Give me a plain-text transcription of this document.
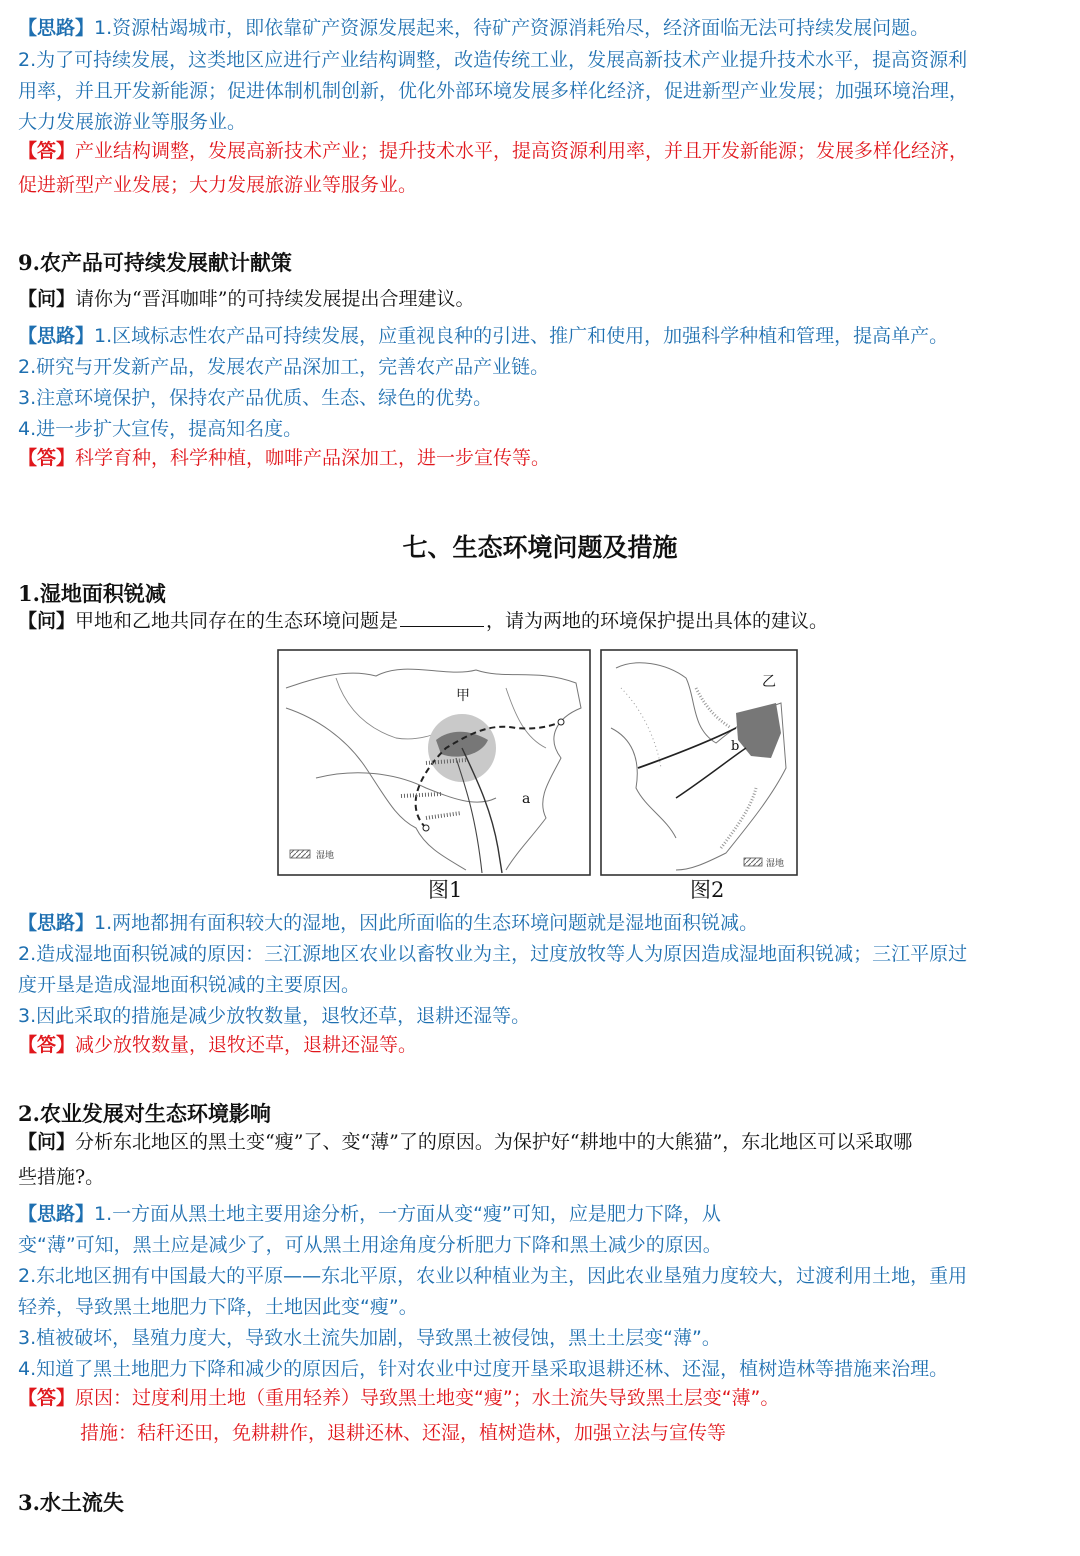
【思路】1.资源枯竭城市，即依靠矿产资源发展起来，待矿产资源消耗殆尽，经济面临无法可持续发展问题。
2.为了可持续发展，这类地区应进行产业结构调整，改造传统工业，发展高新技术产业提升技术水平，提高资源利
用率，并且开发新能源；促进体制机制创新，优化外部环境发展多样化经济，促进新型产业发展；加强环境治理，
大力发展旅游业等服务业。
【答】产业结构调整，发展高新技术产业；提升技术水平，提高资源利用率，并且开发新能源；发展多样化经济，
促进新型产业发展；大力发展旅游业等服务业。
9.农产品可持续发展献计献策
【问】请你为“晋洱咖啡”的可持续发展提出合理建议。
【思路】1.区域标志性农产品可持续发展，应重视良种的引进、推广和使用，加强科学种植和管理，提高单产。
2.研究与开发新产品，发展农产品深加工，完善农产品产业链。
3.注意环境保护，保持农产品优质、生态、绿色的优势。
4.进一步扩大宣传，提高知名度。
【答】科学育种，科学种植，咖啡产品深加工，进一步宣传等。
七、生态环境问题及措施
1.湿地面积锐减
【问】甲地和乙地共同存在的生态环境问题是	，请为两地的环境保护提出具体的建议。
甲
a
湿地
乙
b
湿地
图1	图2
【思路】1.两地都拥有面积较大的湿地，因此所面临的生态环境问题就是湿地面积锐减。
2.造成湿地面积锐减的原因：三江源地区农业以畜牧业为主，过度放牧等人为原因造成湿地面积锐减；三江平原过
度开垦是造成湿地面积锐减的主要原因。
3.因此采取的措施是减少放牧数量，退牧还草，退耕还湿等。
【答】减少放牧数量，退牧还草，退耕还湿等。
2.农业发展对生态环境影响
【问】分析东北地区的黑土变“瘦”了、变“薄”了的原因。为保护好“耕地中的大熊猫”，东北地区可以采取哪
些措施?。
【思路】1.一方面从黑土地主要用途分析，一方面从变“瘦”可知，应是肥力下降，从
变“薄”可知，黑土应是减少了，可从黑土用途角度分析肥力下降和黑土减少的原因。
2.东北地区拥有中国最大的平原——东北平原，农业以种植业为主，因此农业垦殖力度较大，过渡利用土地，重用
轻养，导致黑土地肥力下降，土地因此变“瘦”。
3.植被破坏，垦殖力度大，导致水土流失加剧，导致黑土被侵蚀，黑土土层变“薄”。
4.知道了黑土地肥力下降和减少的原因后，针对农业中过度开垦采取退耕还林、还湿，植树造林等措施来治理。
【答】原因：过度利用土地（重用轻养）导致黑土地变“瘦”；水土流失导致黑土层变“薄”。
措施：秸秆还田，免耕耕作，退耕还林、还湿，植树造林，加强立法与宣传等
3.水土流失
